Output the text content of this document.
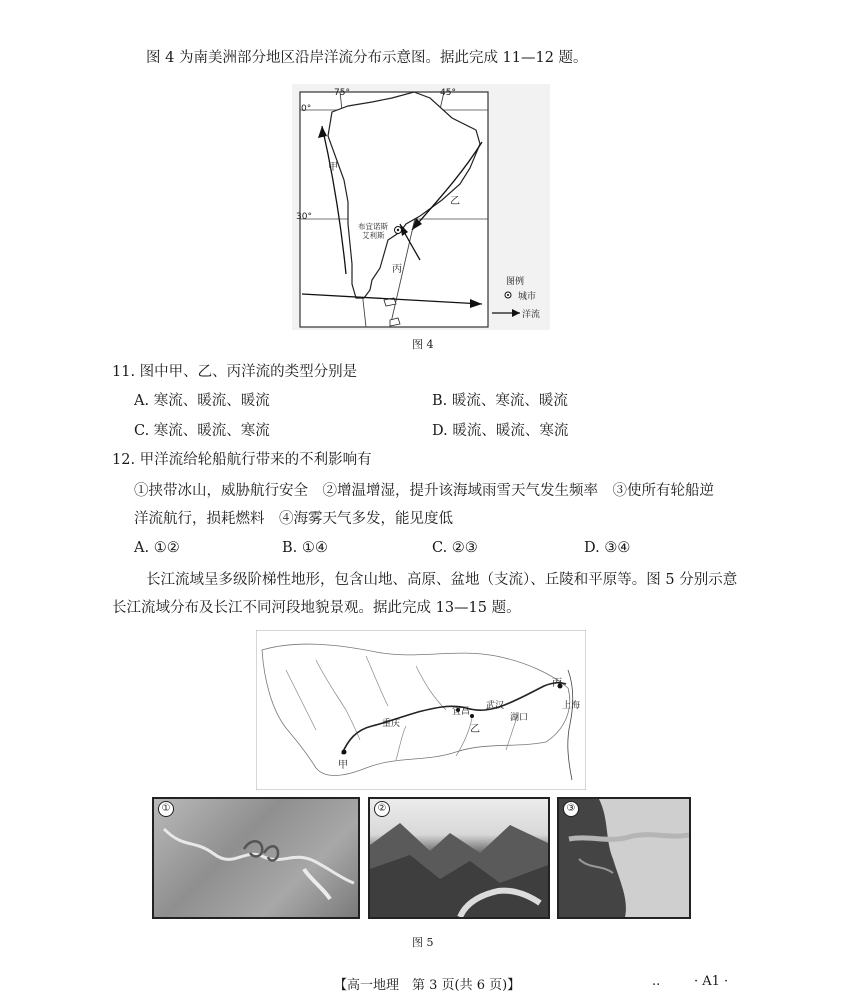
图 4 为南美洲部分地区沿岸洋流分布示意图。据此完成 11—12 题。
75°	45°
0°
30°
甲
乙
丙
布宜诺斯
艾利斯
图例
城市
洋流
图 4
11. 图中甲、乙、丙洋流的类型分别是
A. 寒流、暖流、暖流	B. 暖流、寒流、暖流
C. 寒流、暖流、寒流	D. 暖流、暖流、寒流
12. 甲洋流给轮船航行带来的不利影响有
①挟带冰山，威胁航行安全　②增温增湿，提升该海域雨雪天气发生频率　③使所有轮船逆
洋流航行，损耗燃料　④海雾天气多发，能见度低
A. ①②	B. ①④	C. ②③	D. ③④
长江流域呈多级阶梯性地形，包含山地、高原、盆地（支流）、丘陵和平原等。图 5 分别示意
长江流域分布及长江不同河段地貌景观。据此完成 13—15 题。
重庆
宜昌
武汉
湖口
上海
甲
乙
丙
①	②	③
图 5
【高一地理　第 3 页(共 6 页)】	..	· A1 ·
